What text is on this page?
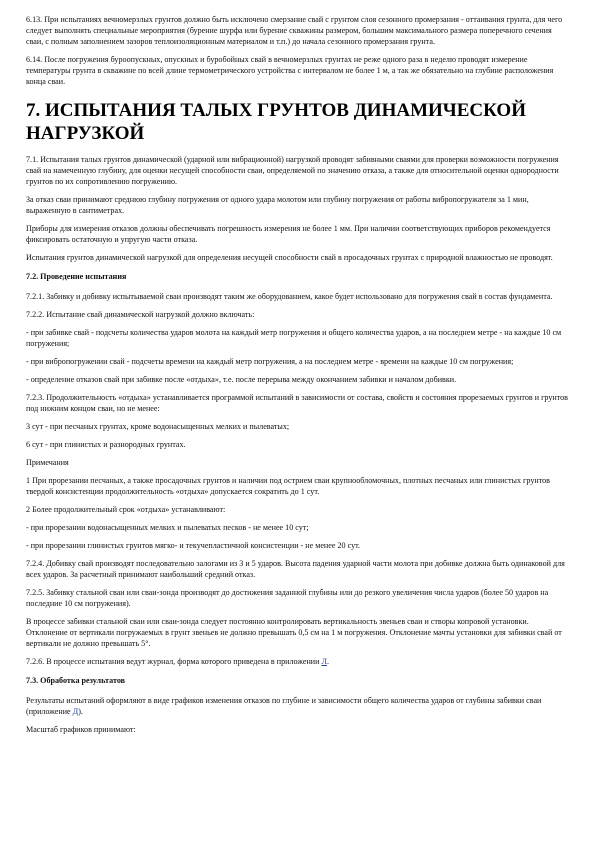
6.13. При испытаниях вечномерзлых грунтов должно быть исключено смерзание свай с грунтом слоя сезонного промерзания - оттаивания грунта, для чего следует выполнять специальные мероприятия (бурение шурфа или бурение скважины размером, большим максимального размера поперечного сечения сваи, с полным заполнением зазоров теплоизоляционным материалом и т.п.) до начала сезонного промерзания грунта.

6.14. После погружения буроопускных, опускных и буробойных свай в вечномерзлых грунтах не реже одного раза в неделю проводят измерение температуры грунта в скважине по всей длине термометрического устройства с интервалом не более 1 м, а так же обязательно на глубине расположения конца сваи.

7. ИСПЫТАНИЯ ТАЛЫХ ГРУНТОВ ДИНАМИЧЕСКОЙ НАГРУЗКОЙ

7.1. Испытания талых грунтов динамической (ударной или вибрационной) нагрузкой проводят забивными сваями для проверки возможности погружения свай на намеченную глубину, для оценки несущей способности сваи, определяемой по значению отказа, а также для относительной оценки однородности грунтов по их сопротивлению погружению.

За отказ сваи принимают среднюю глубину погружения от одного удара молотом или глубину погружения от работы вибропогружателя за 1 мин, выраженную в сантиметрах.

Приборы для измерения отказов должны обеспечивать погрешность измерения не более 1 мм. При наличии соответствующих приборов рекомендуется фиксировать остаточную и упругую части отказа.

Испытания грунтов динамической нагрузкой для определения несущей способности свай в просадочных грунтах с природной влажностью не проводят.

7.2. Проведение испытания

7.2.1. Забивку и добивку испытываемой сваи производят таким же оборудованием, какое будет использовано для погружения свай в состав фундамента.

7.2.2. Испытание свай динамической нагрузкой должно включать:

- при забивке свай - подсчеты количества ударов молота на каждый метр погружения и общего количества ударов, а на последнем метре - на каждые 10 см погружения;

- при вибропогружении свай - подсчеты времени на каждый метр погружения, а на последнем метре - времени на каждые 10 см погружения;

- определение отказов свай при забивке после «отдыха», т.е. после перерыва между окончанием забивки и началом добивки.

7.2.3. Продолжительность «отдыха» устанавливается программой испытаний в зависимости от состава, свойств и состояния прорезаемых грунтов и грунтов под нижним концом сваи, но не менее:

3 сут - при песчаных грунтах, кроме водонасыщенных мелких и пылеватых;

6 сут - при глинистых и разнородных грунтах.

Примечания

1 При прорезании песчаных, а также просадочных грунтов и наличии под острием сваи крупнообломочных, плотных песчаных или глинистых грунтов твердой консистенции продолжительность «отдыха» допускается сократить до 1 сут.

2 Более продолжительный срок «отдыха» устанавливают:

- при прорезании водонасыщенных мелких и пылеватых песков - не менее 10 сут;

- при прорезании глинистых грунтов мягко- и текучепластичной консистенции - не менее 20 сут.

7.2.4. Добивку свай производят последовательно залогами из 3 и 5 ударов. Высота падения ударной части молота при добивке должна быть одинаковой для всех ударов. За расчетный принимают наибольший средний отказ.

7.2.5. Забивку стальной сваи или сваи-зонда производят до достижения заданной глубины или до резкого увеличения числа ударов (более 50 ударов на последние 10 см погружения).

В процессе забивки стальной сваи или сваи-зонда следует постоянно контролировать вертикальность звеньев сваи и створы копровой установки. Отклонение от вертикали погружаемых в грунт звеньев не должно превышать 0,5 см на 1 м погружения. Отклонение мачты установки для забивки свай от вертикали не должно превышать 5°.

7.2.6. В процессе испытания ведут журнал, форма которого приведена в приложении Л.

7.3. Обработка результатов

Результаты испытаний оформляют в виде графиков изменения отказов по глубине и зависимости общего количества ударов от глубины забивки сваи (приложение Д).

Масштаб графиков принимают:
